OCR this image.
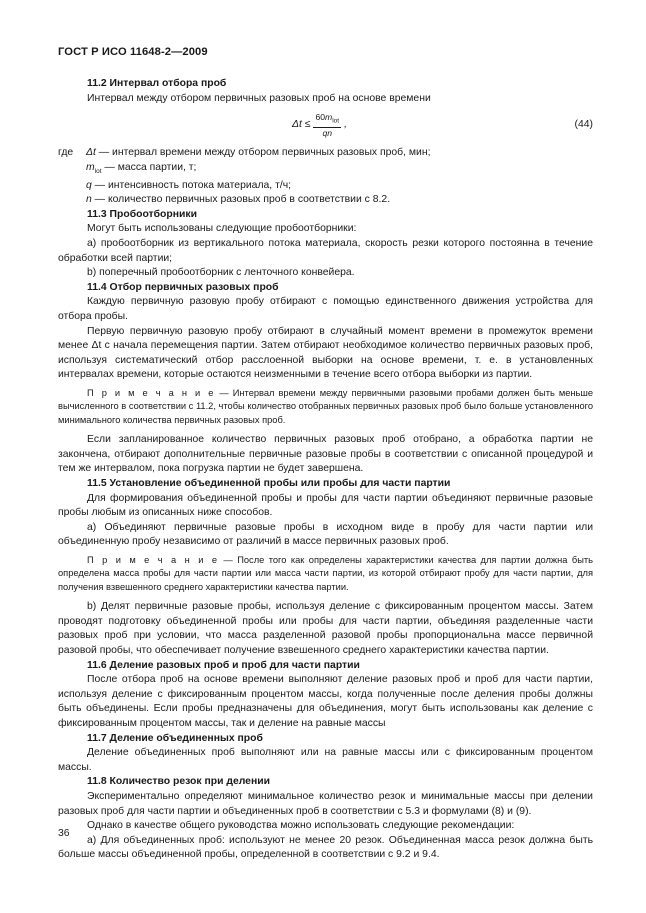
ГОСТ Р ИСО 11648-2—2009

11.2 Интервал отбора проб

Интервал между отбором первичных разовых проб на основе времени

$\Delta t \le \frac{60m_{lot}}{qn}$ ,	(44)
где Δt — интервал времени между отбором первичных разовых проб, мин;
$m_{lot}$ — масса партии, т;
q — интенсивность потока материала, т/ч;
n — количество первичных разовых проб в соответствии с 8.2.

11.3 Пробоотборники

Могут быть использованы следующие пробоотборники:

a) пробоотборник из вертикального потока материала, скорость резки которого постоянна в течение обработки всей партии;

b) поперечный пробоотборник с ленточного конвейера.

11.4 Отбор первичных разовых проб

Каждую первичную разовую пробу отбирают с помощью единственного движения устройства для отбора пробы.

Первую первичную разовую пробу отбирают в случайный момент времени в промежуток времени менее Δt с начала перемещения партии. Затем отбирают необходимое количество первичных разовых проб, используя систематический отбор расслоенной выборки на основе времени, т. е. в установленных интервалах времени, которые остаются неизменными в течение всего отбора выборки из партии.

П р и м е ч а н и е — Интервал времени между первичными разовыми пробами должен быть меньше вычисленного в соответствии с 11.2, чтобы количество отобранных первичных разовых проб было больше установленного минимального количества первичных разовых проб.

Если запланированное количество первичных разовых проб отобрано, а обработка партии не закончена, отбирают дополнительные первичные разовые пробы в соответствии с описанной процедурой и тем же интервалом, пока погрузка партии не будет завершена.

11.5 Установление объединенной пробы или пробы для части партии

Для формирования объединенной пробы и пробы для части партии объединяют первичные разовые пробы любым из описанных ниже способов.

a) Объединяют первичные разовые пробы в исходном виде в пробу для части партии или объединенную пробу независимо от различий в массе первичных разовых проб.

П р и м е ч а н и е — После того как определены характеристики качества для партии должна быть определена масса пробы для части партии или масса части партии, из которой отбирают пробу для части партии, для получения взвешенного среднего характеристики качества партии.

b) Делят первичные разовые пробы, используя деление с фиксированным процентом массы. Затем проводят подготовку объединенной пробы или пробы для части партии, объединяя разделенные части разовых проб при условии, что масса разделенной разовой пробы пропорциональна массе первичной разовой пробы, что обеспечивает получение взвешенного среднего характеристики качества партии.

11.6 Деление разовых проб и проб для части партии

После отбора проб на основе времени выполняют деление разовых проб и проб для части партии, используя деление с фиксированным процентом массы, когда полученные после деления пробы должны быть объединены. Если пробы предназначены для объединения, могут быть использованы как деление с фиксированным процентом массы, так и деление на равные массы

11.7 Деление объединенных проб

Деление объединенных проб выполняют или на равные массы или с фиксированным процентом массы.

11.8 Количество резок при делении

Экспериментально определяют минимальное количество резок и минимальные массы при делении разовых проб для части партии и объединенных проб в соответствии с 5.3 и формулами (8) и (9).

Однако в качестве общего руководства можно использовать следующие рекомендации:

a) Для объединенных проб: используют не менее 20 резок. Объединенная масса резок должна быть больше массы объединенной пробы, определенной в соответствии с 9.2 и 9.4.

36
